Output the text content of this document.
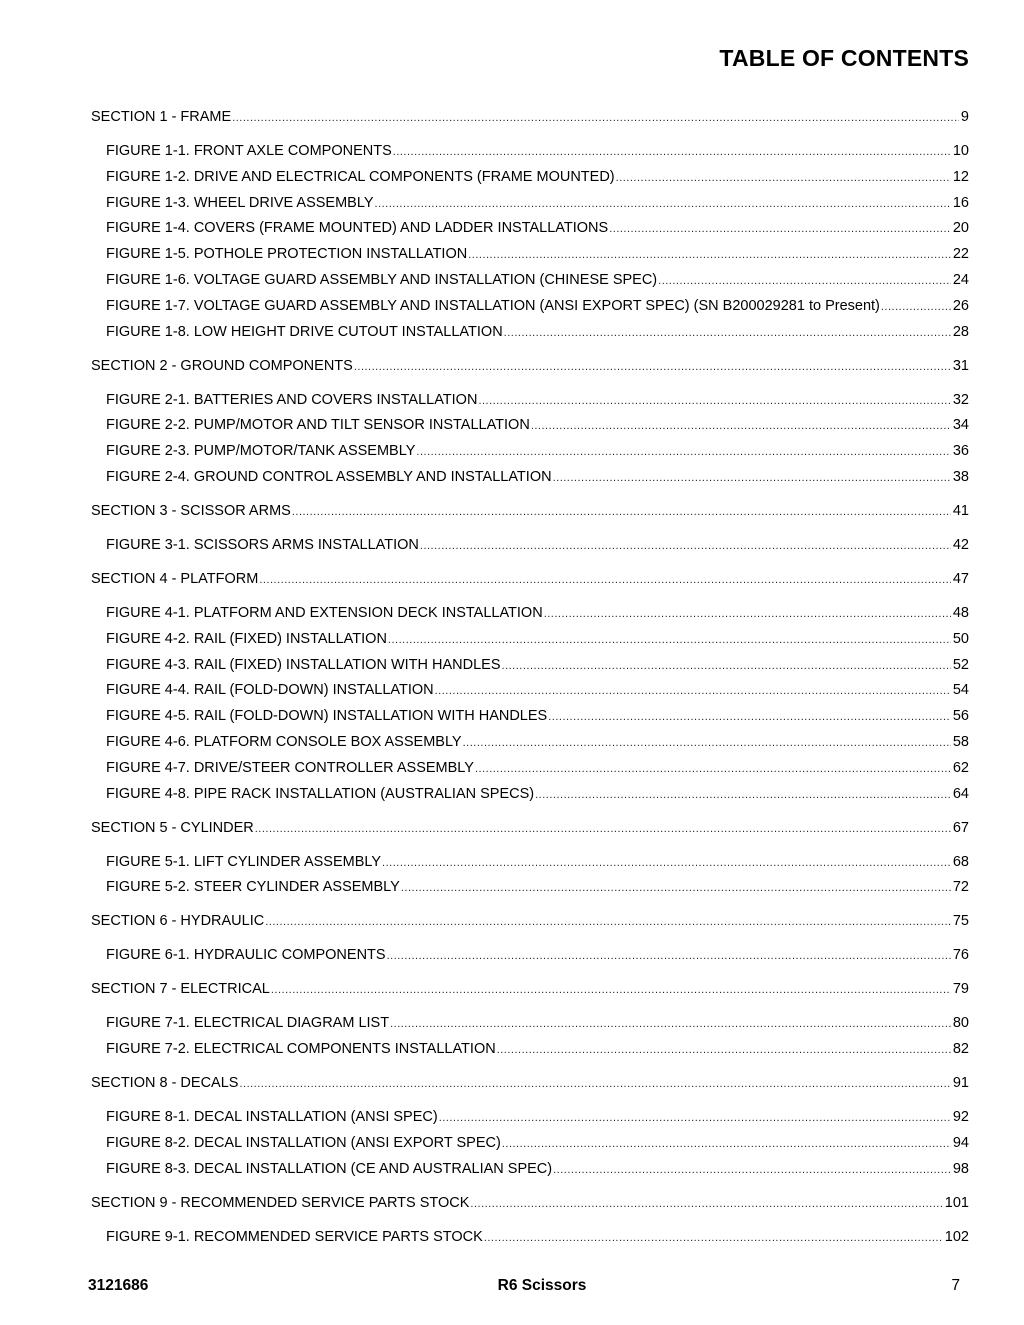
TABLE OF CONTENTS
SECTION 1 - FRAME .....	9
FIGURE 1-1. FRONT AXLE COMPONENTS .....	10
FIGURE 1-2. DRIVE AND ELECTRICAL COMPONENTS (FRAME MOUNTED) .....	12
FIGURE 1-3. WHEEL DRIVE ASSEMBLY .....	16
FIGURE 1-4. COVERS (FRAME MOUNTED) AND LADDER INSTALLATIONS .....	20
FIGURE 1-5. POTHOLE PROTECTION INSTALLATION .....	22
FIGURE 1-6. VOLTAGE GUARD ASSEMBLY AND INSTALLATION (CHINESE SPEC) .....	24
FIGURE 1-7. VOLTAGE GUARD ASSEMBLY AND INSTALLATION (ANSI EXPORT SPEC) (SN B200029281 to Present) .....	26
FIGURE 1-8. LOW HEIGHT DRIVE CUTOUT INSTALLATION .....	28
SECTION 2 - GROUND COMPONENTS .....	31
FIGURE 2-1. BATTERIES AND COVERS INSTALLATION .....	32
FIGURE 2-2. PUMP/MOTOR AND TILT SENSOR INSTALLATION .....	34
FIGURE 2-3. PUMP/MOTOR/TANK ASSEMBLY .....	36
FIGURE 2-4. GROUND CONTROL ASSEMBLY AND INSTALLATION .....	38
SECTION 3 - SCISSOR ARMS .....	41
FIGURE 3-1. SCISSORS ARMS INSTALLATION .....	42
SECTION 4 - PLATFORM .....	47
FIGURE 4-1. PLATFORM AND EXTENSION DECK INSTALLATION .....	48
FIGURE 4-2. RAIL (FIXED) INSTALLATION .....	50
FIGURE 4-3. RAIL (FIXED) INSTALLATION WITH HANDLES .....	52
FIGURE 4-4. RAIL (FOLD-DOWN) INSTALLATION .....	54
FIGURE 4-5. RAIL (FOLD-DOWN) INSTALLATION WITH HANDLES .....	56
FIGURE 4-6. PLATFORM CONSOLE BOX ASSEMBLY .....	58
FIGURE 4-7. DRIVE/STEER CONTROLLER ASSEMBLY .....	62
FIGURE 4-8. PIPE RACK INSTALLATION (AUSTRALIAN SPECS) .....	64
SECTION 5 - CYLINDER .....	67
FIGURE 5-1. LIFT CYLINDER ASSEMBLY .....	68
FIGURE 5-2. STEER CYLINDER ASSEMBLY .....	72
SECTION 6 - HYDRAULIC .....	75
FIGURE 6-1. HYDRAULIC COMPONENTS .....	76
SECTION 7 - ELECTRICAL .....	79
FIGURE 7-1. ELECTRICAL DIAGRAM LIST .....	80
FIGURE 7-2. ELECTRICAL COMPONENTS INSTALLATION .....	82
SECTION 8 - DECALS .....	91
FIGURE 8-1. DECAL INSTALLATION (ANSI SPEC) .....	92
FIGURE 8-2. DECAL INSTALLATION (ANSI EXPORT SPEC) .....	94
FIGURE 8-3. DECAL INSTALLATION (CE AND AUSTRALIAN SPEC) .....	98
SECTION 9 - RECOMMENDED SERVICE PARTS STOCK .....	101
FIGURE 9-1. RECOMMENDED SERVICE PARTS STOCK .....	102
3121686	R6 Scissors	7
